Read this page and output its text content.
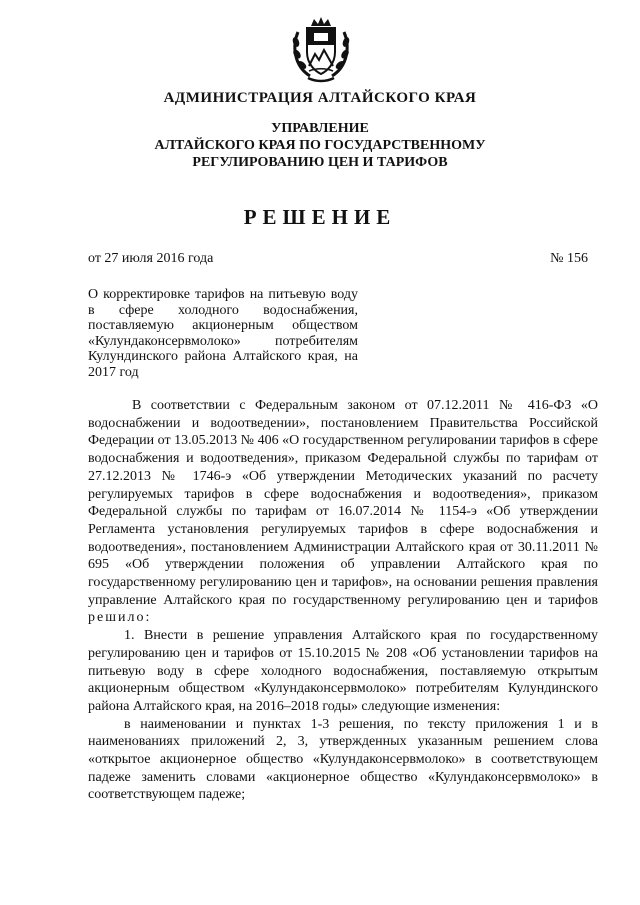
АДМИНИСТРАЦИЯ АЛТАЙСКОГО КРАЯ
УПРАВЛЕНИЕ
АЛТАЙСКОГО КРАЯ ПО ГОСУДАРСТВЕННОМУ
РЕГУЛИРОВАНИЮ ЦЕН И ТАРИФОВ
РЕШЕНИЕ
от 27 июля 2016 года	№ 156
О корректировке тарифов на питьевую воду в сфере холодного водоснабжения, поставляемую акционерным обществом «Кулундаконсервмолоко» потребителям Кулундинского района Алтайского края, на 2017 год

В соответствии с Федеральным законом от 07.12.2011 № 416-ФЗ «О водоснабжении и водоотведении», постановлением Правительства Российской Федерации от 13.05.2013 № 406 «О государственном регулировании тарифов в сфере водоснабжения и водоотведения», приказом Федеральной службы по тарифам от 27.12.2013 № 1746-э «Об утверждении Методических указаний по расчету регулируемых тарифов в сфере водоснабжения и водоотведения», приказом Федеральной службы по тарифам от 16.07.2014 № 1154-э «Об утверждении Регламента установления регулируемых тарифов в сфере водоснабжения и водоотведения», постановлением Администрации Алтайского края от 30.11.2011 № 695 «Об утверждении положения об управлении Алтайского края по государственному регулированию цен и тарифов», на основании решения правления управление Алтайского края по государственному регулированию цен и тарифов решило:

1. Внести в решение управления Алтайского края по государственному регулированию цен и тарифов от 15.10.2015 № 208 «Об установлении тарифов на питьевую воду в сфере холодного водоснабжения, поставляемую открытым акционерным обществом «Кулундаконсервмолоко» потребителям Кулундинского района Алтайского края, на 2016–2018 годы» следующие изменения:

в наименовании и пунктах 1-3 решения, по тексту приложения 1 и в наименованиях приложений 2, 3, утвержденных указанным решением слова «открытое акционерное общество «Кулундаконсервмолоко» в соответствующем падеже заменить словами «акционерное общество «Кулундаконсервмолоко» в соответствующем падеже;
